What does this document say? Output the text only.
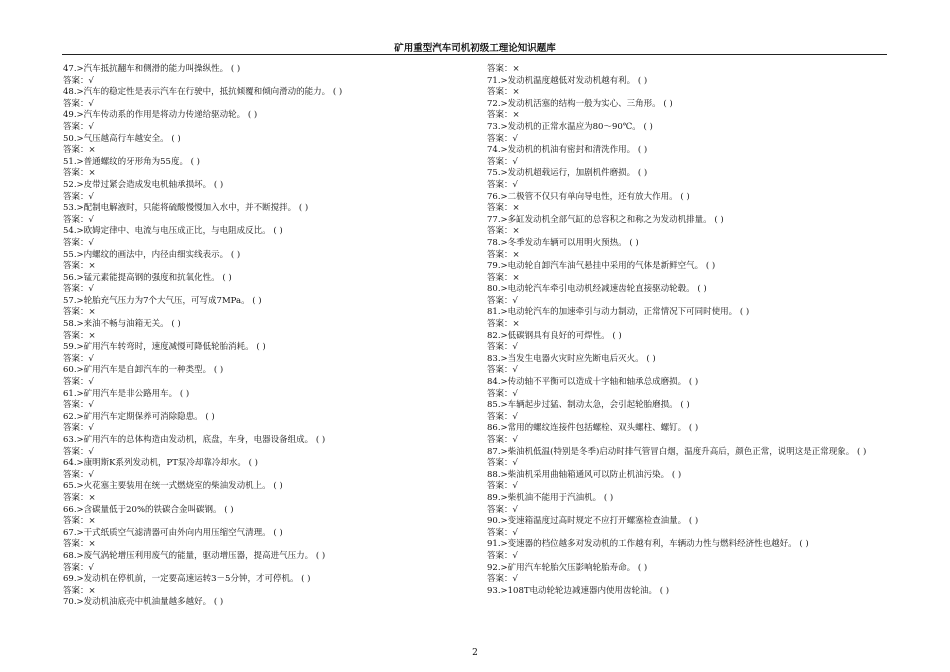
矿用重型汽车司机初级工理论知识题库
47.>汽车抵抗翻车和侧滑的能力叫操纵性。 ( )
答案：√
48.>汽车的稳定性是表示汽车在行驶中，抵抗倾覆和倾向滑动的能力。 ( )
答案：√
49.>汽车传动系的作用是将动力传递给驱动轮。 ( )
答案：√
50.>气压越高行车越安全。 ( )
答案：×
51.>普通螺纹的牙形角为55度。 ( )
答案：×
52.>皮带过紧会造成发电机轴承损坏。 ( )
答案：√
53.>配制电解液时，只能将硫酸慢慢加入水中，并不断搅拌。 ( )
答案：√
54.>欧姆定律中、电流与电压成正比，与电阻成反比。 ( )
答案：√
55.>内螺纹的画法中，内径由细实线表示。 ( )
答案：×
56.>锰元素能提高钢的强度和抗氧化性。 ( )
答案：√
57.>轮胎充气压力为7个大气压，可写成7MPa。 ( )
答案：×
58.>来油不畅与油箱无关。 ( )
答案：×
59.>矿用汽车转弯时，速度减慢可降低轮胎消耗。 ( )
答案：√
60.>矿用汽车是自卸汽车的一种类型。 ( )
答案：√
61.>矿用汽车是非公路用车。 ( )
答案：√
62.>矿用汽车定期保养可消除隐患。 ( )
答案：√
63.>矿用汽车的总体构造由发动机，底盘，车身，电器设备组成。 ( )
答案：√
64.>康明斯K系列发动机，PT泵冷却靠冷却水。 ( )
答案：√
65.>火花塞主要装用在统一式燃烧室的柴油发动机上。 ( )
答案：×
66.>含碳量低于20%的铁碳合金叫碳钢。 ( )
答案：×
67.>干式纸质空气滤清器可由外向内用压缩空气清理。 ( )
答案：×
68.>废气涡轮增压利用废气的能量，驱动增压器，提高进气压力。 ( )
答案：√
69.>发动机在停机前，一定要高速运转3－5分钟，才可停机。 ( )
答案：×
70.>发动机油底壳中机油量越多越好。 ( )
答案：×
71.>发动机温度越低对发动机越有利。 ( )
答案：×
72.>发动机活塞的结构一般为实心、三角形。 ( )
答案：×
73.>发动机的正常水温应为80～90℃。 ( )
答案：√
74.>发动机的机油有密封和清洗作用。 ( )
答案：√
75.>发动机超载运行，加剧机件磨损。 ( )
答案：√
76.>二极管不仅只有单向导电性，还有放大作用。 ( )
答案：×
77.>多缸发动机全部气缸的总容积之和称之为发动机排量。 ( )
答案：×
78.>冬季发动车辆可以用明火预热。 ( )
答案：×
79.>电动轮自卸汽车油气悬挂中采用的气体是新鲜空气。 ( )
答案：×
80.>电动轮汽车牵引电动机经减速齿轮直接驱动轮毂。 ( )
答案：√
81.>电动轮汽车的加速牵引与动力制动，正常情况下可同时使用。 ( )
答案：×
82.>低碳钢具有良好的可焊性。 ( )
答案：√
83.>当发生电器火灾时应先断电后灭火。 ( )
答案：√
84.>传动轴不平衡可以造成十字轴和轴承总成磨损。 ( )
答案：√
85.>车辆起步过猛、制动太急，会引起轮胎磨损。 ( )
答案：√
86.>常用的螺纹连接件包括螺栓、双头螺柱、螺钉。 ( )
答案：√
87.>柴油机低温(特别是冬季)启动时排气管冒白烟，温度升高后，颜色正常，说明这是正常现象。 ( )
答案：√
88.>柴油机采用曲轴箱通风可以防止机油污染。 ( )
答案：√
89.>柴机油不能用于汽油机。 ( )
答案：√
90.>变速箱温度过高时规定不应打开螺塞检查油量。 ( )
答案：√
91.>变速器的档位越多对发动机的工作越有利，车辆动力性与燃料经济性也越好。 ( )
答案：√
92.>矿用汽车轮胎欠压影响轮胎寿命。 ( )
答案：√
93.>108T电动轮轮边减速器内使用齿轮油。 ( )
2
